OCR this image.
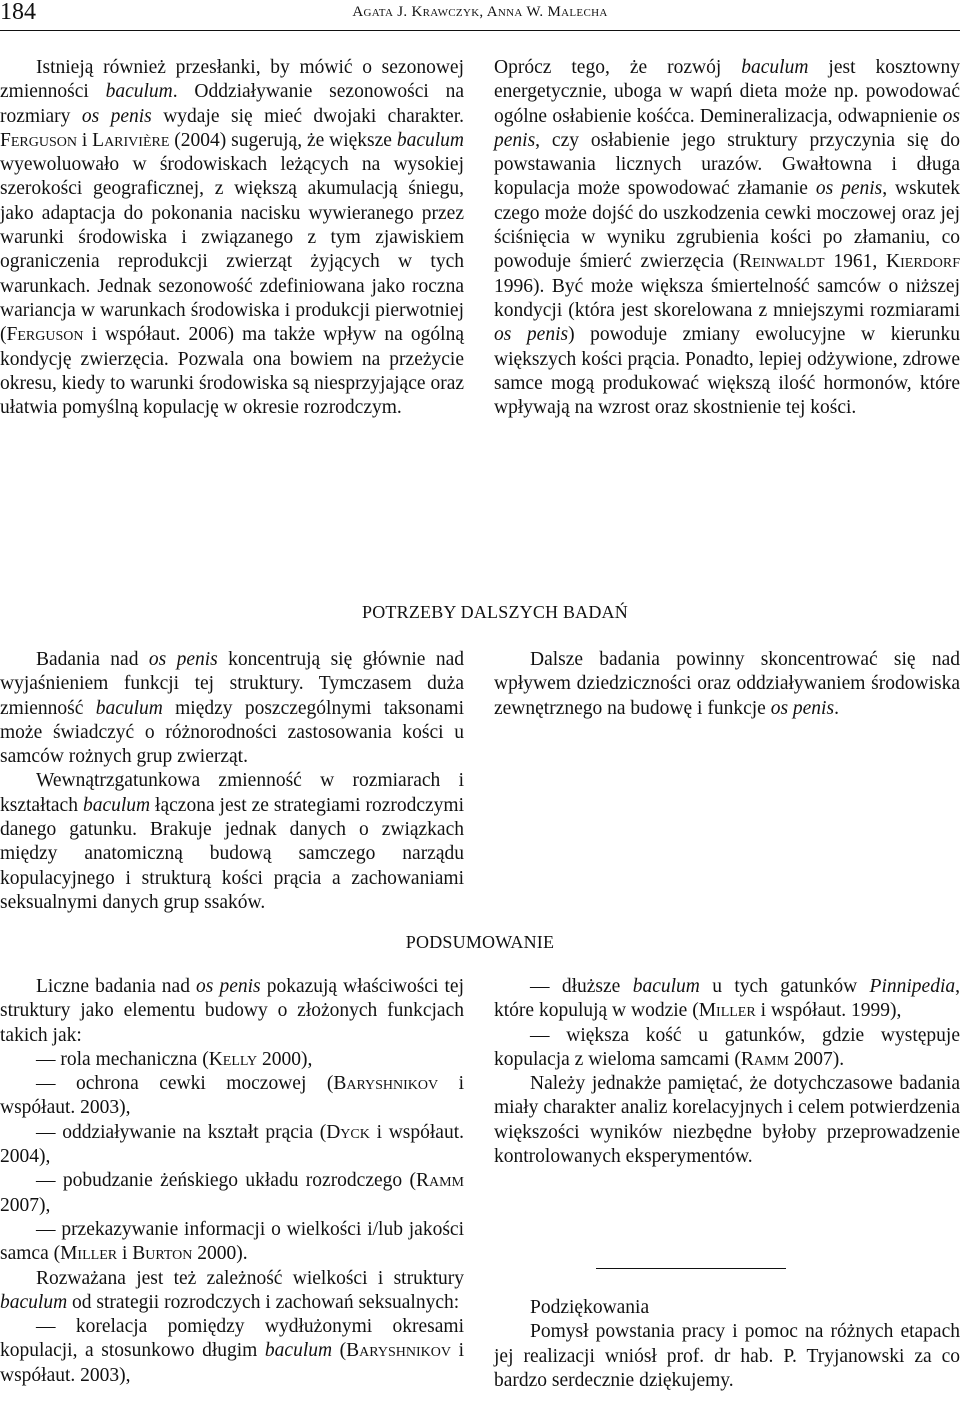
184	Agata J. Krawczyk, Anna W. Malecha

Istnieją również przesłanki, by mówić o sezonowej zmienności baculum. Oddziaływanie sezonowości na rozmiary os penis wydaje się mieć dwojaki charakter. Ferguson i Larivière (2004) sugerują, że większe baculum wyewoluowało w środowiskach leżących na wysokiej szerokości geograficznej, z większą akumulacją śniegu, jako adaptacja do pokonania nacisku wywieranego przez warunki środowiska i związanego z tym zjawiskiem ograniczenia reprodukcji zwierząt żyjących w tych warunkach. Jednak sezonowość zdefiniowana jako roczna wariancja w warunkach środowiska i produkcji pierwotniej (Ferguson i współaut. 2006) ma także wpływ na ogólną kondycję zwierzęcia. Pozwala ona bowiem na przeżycie okresu, kiedy to warunki środowiska są niesprzyjające oraz ułatwia pomyślną kopulację w okresie rozrodczym.

Oprócz tego, że rozwój baculum jest kosztowny energetycznie, uboga w wapń dieta może np. powodować ogólne osłabienie kośćca. Demineralizacja, odwapnienie os penis, czy osłabienie jego struktury przyczynia się do powstawania licznych urazów. Gwałtowna i długa kopulacja może spowodować złamanie os penis, wskutek czego może dojść do uszkodzenia cewki moczowej oraz jej ściśnięcia w wyniku zgrubienia kości po złamaniu, co powoduje śmierć zwierzęcia (Reinwaldt 1961, Kierdorf 1996). Być może większa śmiertelność samców o niższej kondycji (która jest skorelowana z mniejszymi rozmiarami os penis) powoduje zmiany ewolucyjne w kierunku większych kości prącia. Ponadto, lepiej odżywione, zdrowe samce mogą produkować większą ilość hormonów, które wpływają na wzrost oraz skostnienie tej kości.

POTRZEBY DALSZYCH BADAŃ

Badania nad os penis koncentrują się głównie nad wyjaśnieniem funkcji tej struktury. Tymczasem duża zmienność baculum między poszczególnymi taksonami może świadczyć o różnorodności zastosowania kości u samców rożnych grup zwierząt.

Wewnątrzgatunkowa zmienność w rozmiarach i kształtach baculum łączona jest ze strategiami rozrodczymi danego gatunku. Brakuje jednak danych o związkach między anatomiczną budową samczego narządu kopulacyjnego i strukturą kości prącia a zachowaniami seksualnymi danych grup ssaków.

Dalsze badania powinny skoncentrować się nad wpływem dziedziczności oraz oddziaływaniem środowiska zewnętrznego na budowę i funkcje os penis.

PODSUMOWANIE

Liczne badania nad os penis pokazują właściwości tej struktury jako elementu budowy o złożonych funkcjach takich jak:

— rola mechaniczna (Kelly 2000),

— ochrona cewki moczowej (Baryshnikov i współaut. 2003),

— oddziaływanie na kształt prącia (Dyck i współaut. 2004),

— pobudzanie żeńskiego układu rozrodczego (Ramm 2007),

— przekazywanie informacji o wielkości i/lub jakości samca (Miller i Burton 2000).

Rozważana jest też zależność wielkości i struktury baculum od strategii rozrodczych i zachowań seksualnych:

— korelacja pomiędzy wydłużonymi okresami kopulacji, a stosunkowo długim baculum (Baryshnikov i współaut. 2003),

— dłuższe baculum u tych gatunków Pinnipedia, które kopulują w wodzie (Miller i współaut. 1999),

— większa kość u gatunków, gdzie występuje kopulacja z wieloma samcami (Ramm 2007).

Należy jednakże pamiętać, że dotychczasowe badania miały charakter analiz korelacyjnych i celem potwierdzenia większości wyników niezbędne byłoby przeprowadzenie kontrolowanych eksperymentów.

Podziękowania

Pomysł powstania pracy i pomoc na różnych etapach jej realizacji wniósł prof. dr hab. P. Tryjanowski za co bardzo serdecznie dziękujemy.
